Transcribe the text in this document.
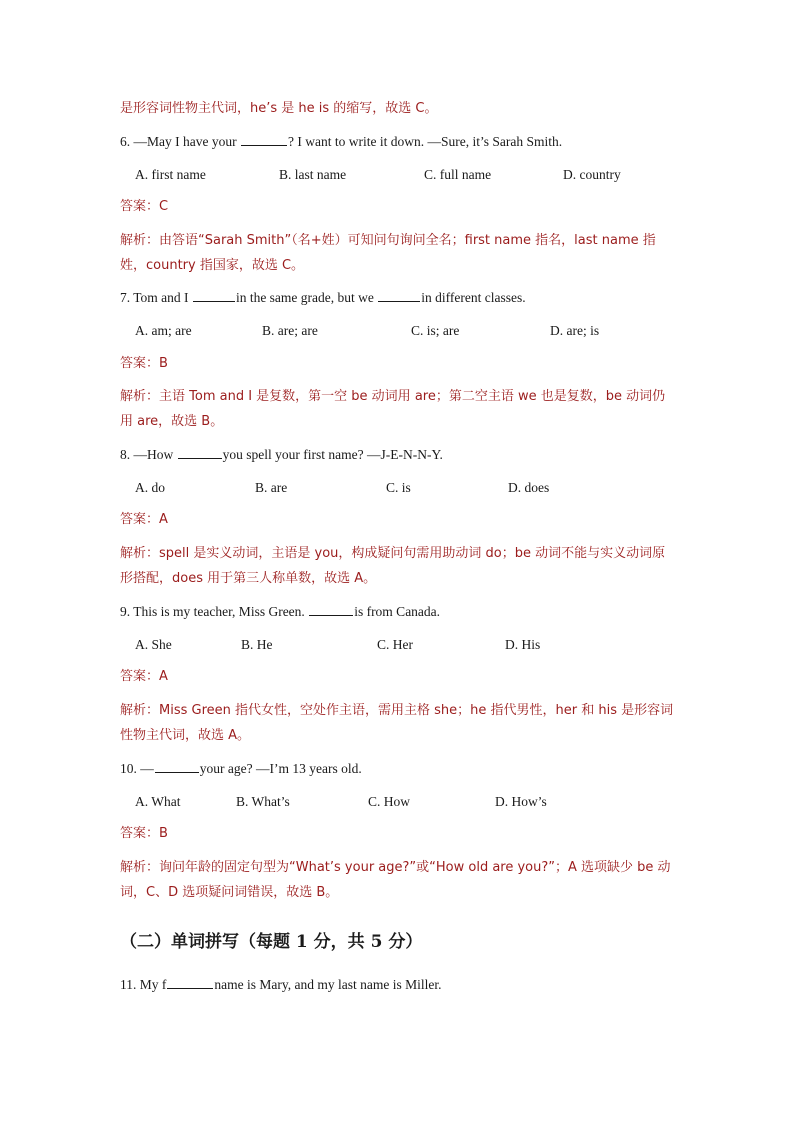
是形容词性物主代词，he’s 是 he is 的缩写，故选 C。
6. —May I have your	? I want to write it down. —Sure, it’s Sarah Smith.
A. first name	B. last name	C. full name	D. country
答案：C
解析：由答语“Sarah Smith”（名+姓）可知问句询问全名；first name 指名，last name 指姓，country 指国家，故选 C。
7. Tom and I	in the same grade, but we	in different classes.
A. am; are	B. are; are	C. is; are	D. are; is
答案：B
解析：主语 Tom and I 是复数，第一空 be 动词用 are；第二空主语 we 也是复数，be 动词仍用 are，故选 B。
8. —How	you spell your first name? —J-E-N-N-Y.
A. do	B. are	C. is	D. does
答案：A
解析：spell 是实义动词，主语是 you，构成疑问句需用助动词 do；be 动词不能与实义动词原形搭配，does 用于第三人称单数，故选 A。
9. This is my teacher, Miss Green.	is from Canada.
A. She	B. He	C. Her	D. His
答案：A
解析：Miss Green 指代女性，空处作主语，需用主格 she；he 指代男性，her 和 his 是形容词性物主代词，故选 A。
10. —	your age? —I’m 13 years old.
A. What	B. What’s	C. How	D. How’s
答案：B
解析：询问年龄的固定句型为“What’s your age?”或“How old are you?”；A 选项缺少 be 动词，C、D 选项疑问词错误，故选 B。
（二）单词拼写（每题 1 分，共 5 分）
11. My f	name is Mary, and my last name is Miller.
